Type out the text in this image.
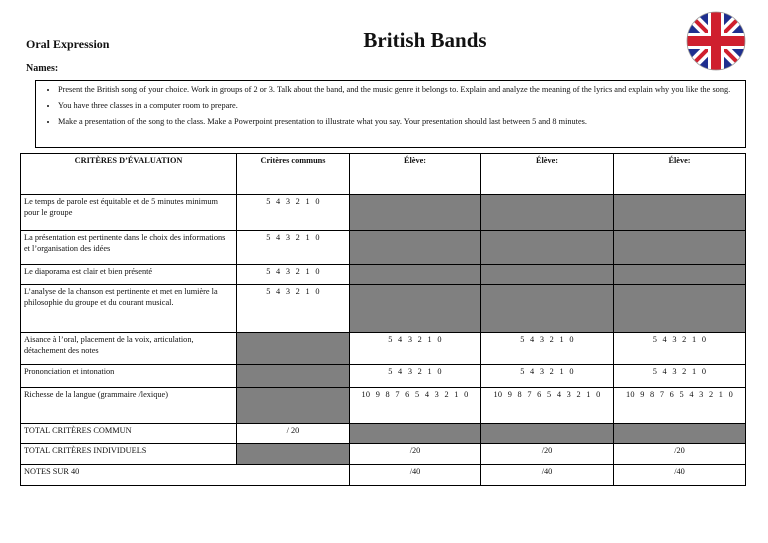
Oral Expression	British Bands
Names:
• Present the British song of your choice. Work in groups of 2 or 3. Talk about the band, and the music genre it belongs to. Explain and analyze the meaning of the lyrics and explain why you like the song.
• You have three classes in a computer room to prepare.
• Make a presentation of the song to the class. Make a Powerpoint presentation to illustrate what you say. Your presentation should last between 5 and 8 minutes.
CRITÈRES D’ÉVALUATION	Critères communs	Élève:	Élève:	Élève:
Le temps de parole est équitable et de 5 minutes minimum pour le groupe	5 4 3 2 1 0			
La présentation est pertinente dans le choix des informations et l’organisation des idées	5 4 3 2 1 0			
Le diaporama est clair et bien présenté	5 4 3 2 1 0			
L’analyse de la chanson est pertinente et met en lumière la philosophie du groupe et du courant musical.	5 4 3 2 1 0			
Aisance à l’oral, placement de la voix, articulation, détachement des notes		5 4 3 2 1 0	5 4 3 2 1 0	5 4 3 2 1 0
Prononciation et intonation		5 4 3 2 1 0	5 4 3 2 1 0	5 4 3 2 1 0
Richesse de la langue (grammaire /lexique)		10 9 8 7 6 5 4 3 2 1 0	10 9 8 7 6 5 4 3 2 1 0	10 9 8 7 6 5 4 3 2 1 0
TOTAL CRITÈRES COMMUN	/ 20			
TOTAL CRITÈRES INDIVIDUELS		/20	/20	/20
NOTES SUR 40		/40	/40	/40
